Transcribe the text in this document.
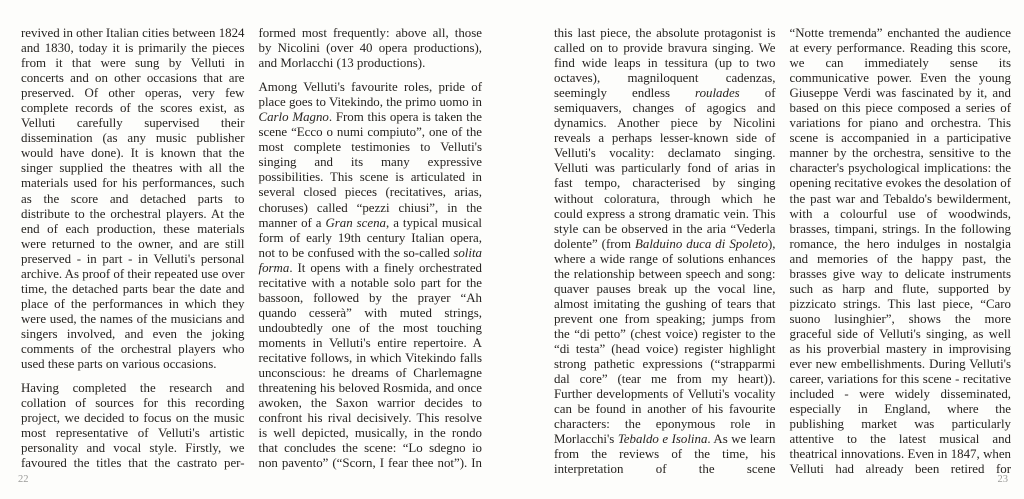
revived in other Italian cities between 1824 and 1830, today it is primarily the pieces from it that were sung by Velluti in concerts and on other occasions that are preserved. Of other operas, very few complete records of the scores exist, as Velluti carefully supervised their dissemination (as any music publisher would have done). It is known that the singer supplied the theatres with all the materials used for his performances, such as the score and detached parts to distribute to the orchestral players. At the end of each production, these materials were returned to the owner, and are still preserved - in part - in Velluti's personal archive. As proof of their repeated use over time, the detached parts bear the date and place of the performances in which they were used, the names of the musicians and singers involved, and even the joking comments of the orchestral players who used these parts on various occasions.

Having completed the research and collation of sources for this recording project, we decided to focus on the music most representative of Velluti's artistic personality and vocal style. Firstly, we favoured the titles that the castrato per-

formed most frequently: above all, those by Nicolini (over 40 opera productions), and Morlacchi (13 productions).

Among Velluti's favourite roles, pride of place goes to Vitekindo, the primo uomo in Carlo Magno. From this opera is taken the scene “Ecco o numi compiuto”, one of the most complete testimonies to Velluti's singing and its many expressive possibilities. This scene is articulated in several closed pieces (recitatives, arias, choruses) called “pezzi chiusi”, in the manner of a Gran scena, a typical musical form of early 19th century Italian opera, not to be confused with the so-called solita forma. It opens with a finely orchestrated recitative with a notable solo part for the bassoon, followed by the prayer “Ah quando cesserà” with muted strings, undoubtedly one of the most touching moments in Velluti's entire repertoire. A recitative follows, in which Vitekindo falls unconscious: he dreams of Charlemagne threatening his beloved Rosmida, and once awoken, the Saxon warrior decides to confront his rival decisively. This resolve is well depicted, musically, in the rondo that concludes the scene: “Lo sdegno io non pavento” (“Scorn, I fear thee not”). In

22

this last piece, the absolute protagonist is called on to provide bravura singing. We find wide leaps in tessitura (up to two octaves), magniloquent cadenzas, seemingly endless roulades of semiquavers, changes of agogics and dynamics. Another piece by Nicolini reveals a perhaps lesser-known side of Velluti's vocality: declamato singing. Velluti was particularly fond of arias in fast tempo, characterised by singing without coloratura, through which he could express a strong dramatic vein. This style can be observed in the aria “Vederla dolente” (from Balduino duca di Spoleto), where a wide range of solutions enhances the relationship between speech and song: quaver pauses break up the vocal line, almost imitating the gushing of tears that prevent one from speaking; jumps from the “di petto” (chest voice) register to the “di testa” (head voice) register highlight strong pathetic expressions (“strapparmi dal core” (tear me from my heart)). Further developments of Velluti's vocality can be found in another of his favourite characters: the eponymous role in Morlacchi's Tebaldo e Isolina. As we learn from the reviews of the time, his interpretation of the scene

“Notte tremenda” enchanted the audience at every performance. Reading this score, we can immediately sense its communicative power. Even the young Giuseppe Verdi was fascinated by it, and based on this piece composed a series of variations for piano and orchestra. This scene is accompanied in a participative manner by the orchestra, sensitive to the character's psychological implications: the opening recitative evokes the desolation of the past war and Tebaldo's bewilderment, with a colourful use of woodwinds, brasses, timpani, strings. In the following romance, the hero indulges in nostalgia and memories of the happy past, the brasses give way to delicate instruments such as harp and flute, supported by pizzicato strings. This last piece, “Caro suono lusinghier”, shows the more graceful side of Velluti's singing, as well as his proverbial mastery in improvising ever new embellishments. During Velluti's career, variations for this scene - recitative included - were widely disseminated, especially in England, where the publishing market was particularly attentive to the latest musical and theatrical innovations. Even in 1847, when Velluti had already been retired for

23
